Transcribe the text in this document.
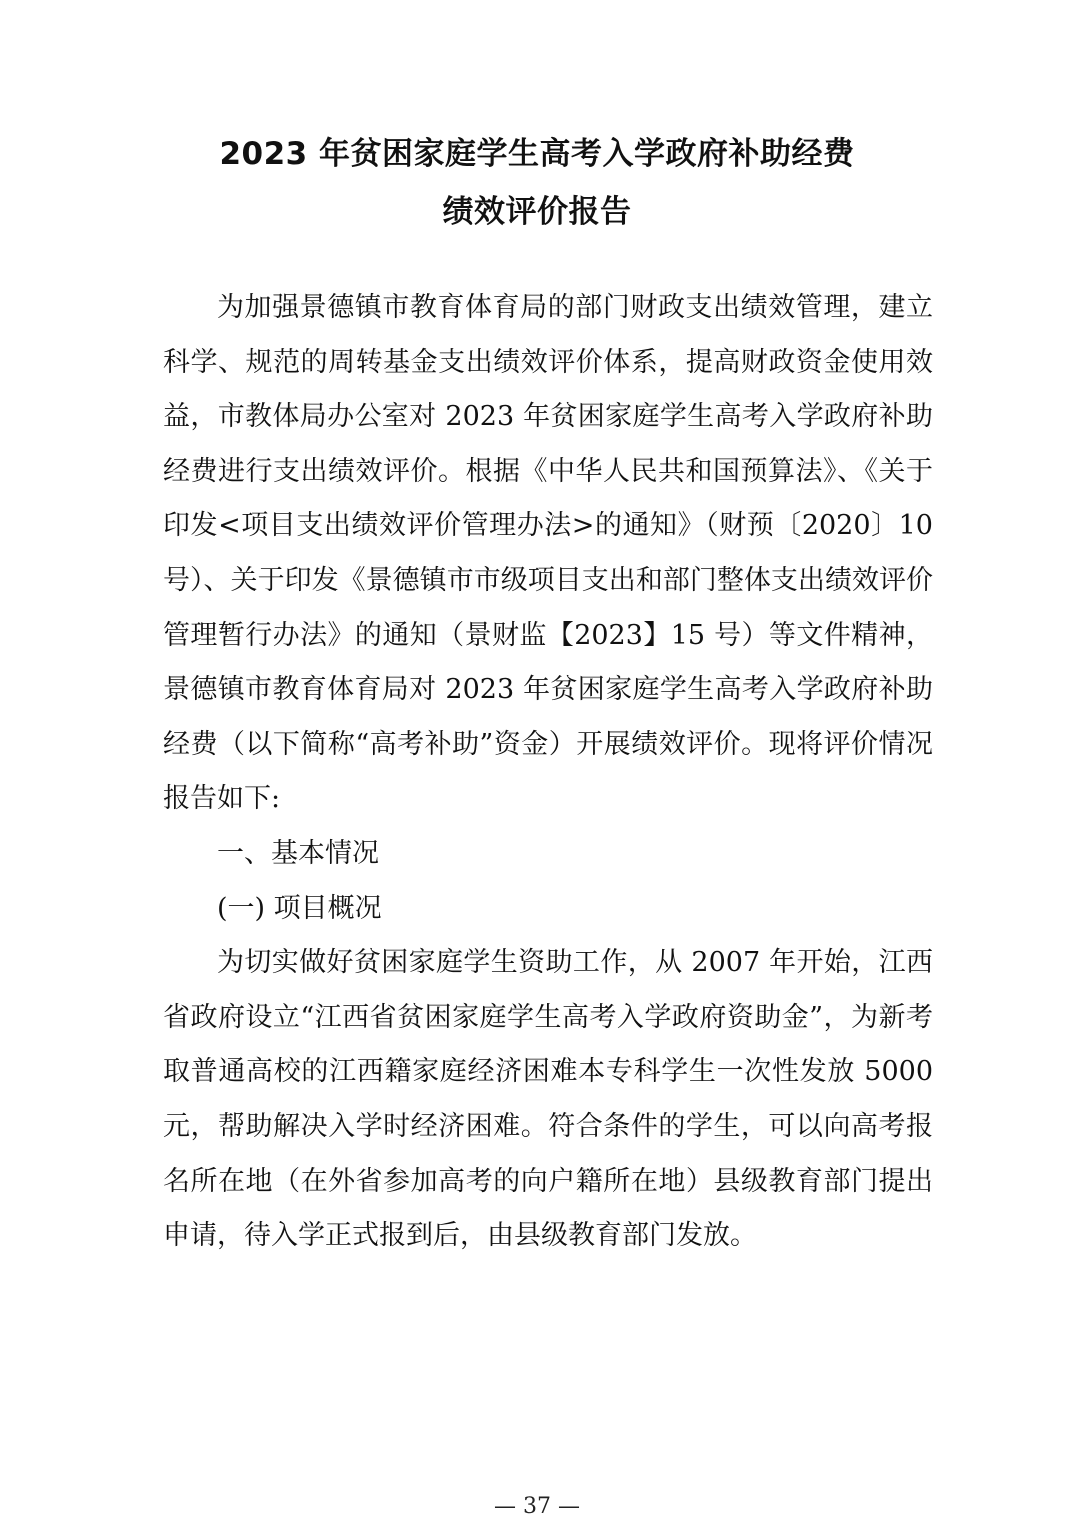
2023 年贫困家庭学生高考入学政府补助经费
绩效评价报告

为加强景德镇市教育体育局的部门财政支出绩效管理，建立科学、规范的周转基金支出绩效评价体系，提高财政资金使用效益，市教体局办公室对 2023 年贫困家庭学生高考入学政府补助经费进行支出绩效评价。根据《中华人民共和国预算法》、《关于印发<项目支出绩效评价管理办法>的通知》（财预〔2020〕10 号）、关于印发《景德镇市市级项目支出和部门整体支出绩效评价管理暂行办法》的通知（景财监【2023】15 号）等文件精神，景德镇市教育体育局对 2023 年贫困家庭学生高考入学政府补助经费（以下简称“高考补助”资金）开展绩效评价。现将评价情况报告如下:

一、基本情况

(一) 项目概况

为切实做好贫困家庭学生资助工作，从 2007 年开始，江西省政府设立“江西省贫困家庭学生高考入学政府资助金”，为新考取普通高校的江西籍家庭经济困难本专科学生一次性发放 5000 元，帮助解决入学时经济困难。符合条件的学生，可以向高考报名所在地（在外省参加高考的向户籍所在地）县级教育部门提出申请，待入学正式报到后，由县级教育部门发放。

— 37 —
